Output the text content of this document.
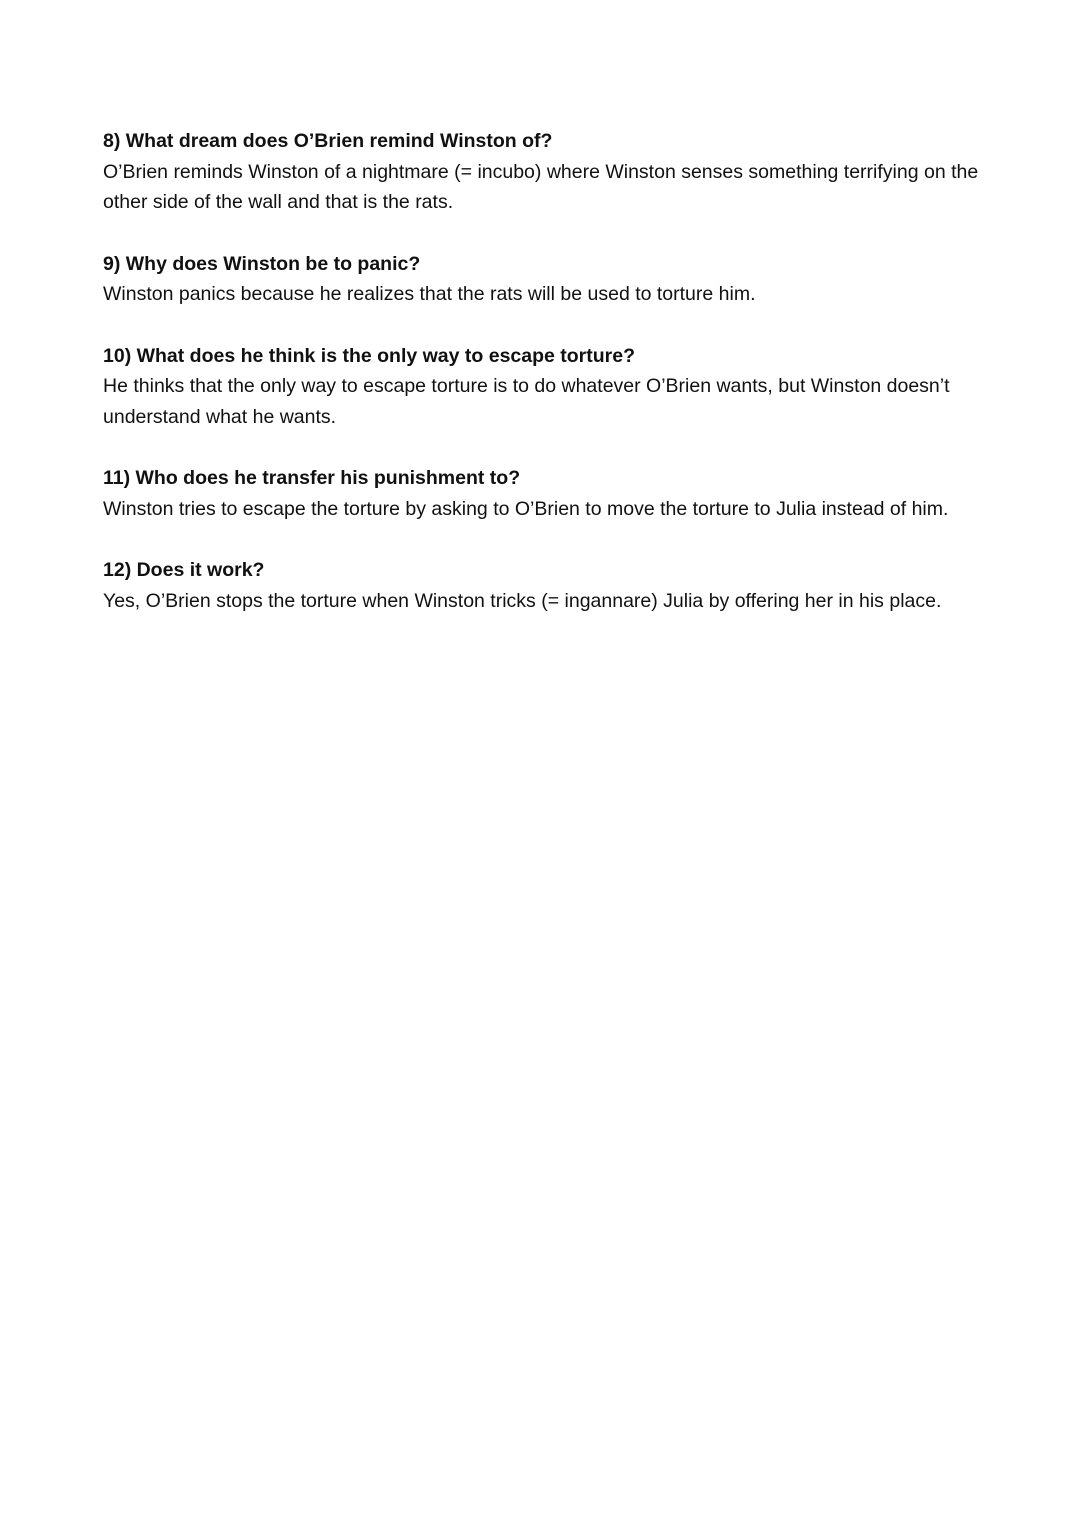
8) What dream does O’Brien remind Winston of?

O’Brien reminds Winston of a nightmare (= incubo) where Winston senses something terrifying on the other side of the wall and that is the rats.

9) Why does Winston be to panic?

Winston panics because he realizes that the rats will be used to torture him.

10) What does he think is the only way to escape torture?

He thinks that the only way to escape torture is to do whatever O’Brien wants, but Winston doesn’t understand what he wants.

11) Who does he transfer his punishment to?

Winston tries to escape the torture by asking to O’Brien to move the torture to Julia instead of him.

12) Does it work?

Yes, O’Brien stops the torture when Winston tricks (= ingannare) Julia by offering her in his place.
